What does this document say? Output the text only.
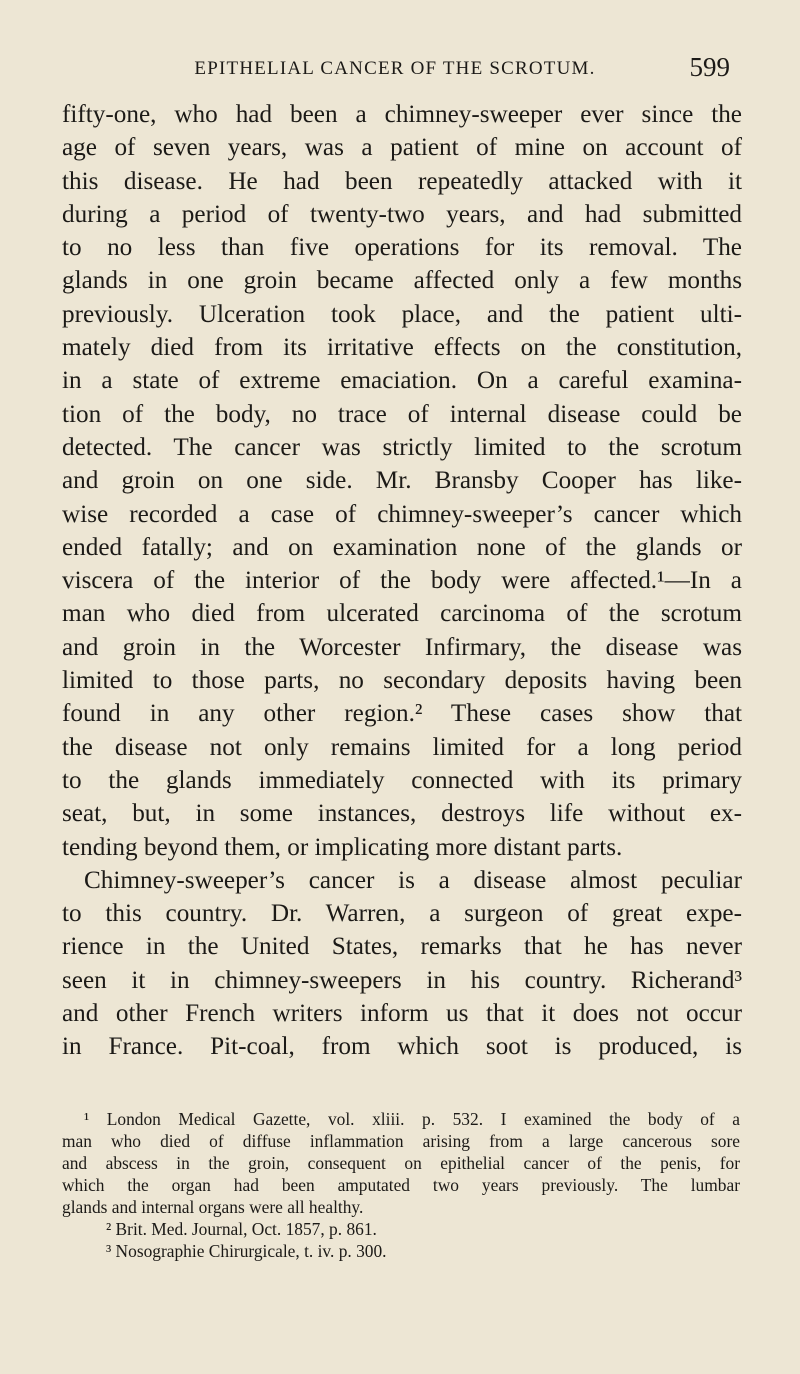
EPITHELIAL CANCER OF THE SCROTUM.	599
fifty-one, who had been a chimney-sweeper ever since the
age of seven years, was a patient of mine on account of
this disease. He had been repeatedly attacked with it
during a period of twenty-two years, and had submitted
to no less than five operations for its removal. The
glands in one groin became affected only a few months
previously. Ulceration took place, and the patient ulti-
mately died from its irritative effects on the constitution,
in a state of extreme emaciation. On a careful examina-
tion of the body, no trace of internal disease could be
detected. The cancer was strictly limited to the scrotum
and groin on one side. Mr. Bransby Cooper has like-
wise recorded a case of chimney-sweeper’s cancer which
ended fatally; and on examination none of the glands or
viscera of the interior of the body were affected.¹—In a
man who died from ulcerated carcinoma of the scrotum
and groin in the Worcester Infirmary, the disease was
limited to those parts, no secondary deposits having been
found in any other region.² These cases show that
the disease not only remains limited for a long period
to the glands immediately connected with its primary
seat, but, in some instances, destroys life without ex-
tending beyond them, or implicating more distant parts.
Chimney-sweeper’s cancer is a disease almost peculiar
to this country. Dr. Warren, a surgeon of great expe-
rience in the United States, remarks that he has never
seen it in chimney-sweepers in his country. Richerand³
and other French writers inform us that it does not occur
in France. Pit-coal, from which soot is produced, is
¹ London Medical Gazette, vol. xliii. p. 532. I examined the body of a
man who died of diffuse inflammation arising from a large cancerous sore
and abscess in the groin, consequent on epithelial cancer of the penis, for
which the organ had been amputated two years previously. The lumbar
glands and internal organs were all healthy.
² Brit. Med. Journal, Oct. 1857, p. 861.
³ Nosographie Chirurgicale, t. iv. p. 300.
